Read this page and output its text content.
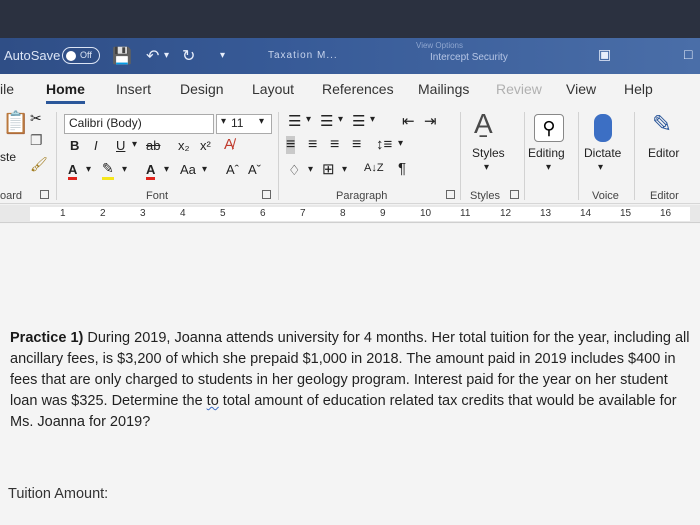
AutoSave Off 💾 ↶ ▾ ↻ ▾	Taxation M...
View Options
Intercept Security	▣	□
ile Home Insert Design Layout References Mailings Review View Help
📋 ✂
❐
🖌
ste
oard
Calibri (Body)	▾ 11 ▾
B I U ▾ ab x₂ x² A̸
A ▾ ✎ ▾ A ▾ Aa ▾ Aˆ Aˇ
Font
☰ ▾ ☰ ▾ ☰ ▾ ⇤ ⇥
≡ ≡ ≡ ≡ ↕≡ ▾
♢ ▾ ⊞ ▾ A↓Z ¶
Paragraph
A̱
Styles
▾
Styles
⚲
Editing
▾
Dictate
▾
Voice
✎
Editor
Editor
1	2	3	4	5	6	7	8	9	10	11	12	13	14	15	16

Practice 1) During 2019, Joanna attends university for 4 months. Her total tuition for the year, including all ancillary fees, is $3,200 of which she prepaid $1,000 in 2018. The amount paid in 2019 includes $400 in fees that are only charged to students in her geology program. Interest paid for the year on her student loan was $325. Determine the to total amount of education related tax credits that would be available for Ms. Joanna for 2019?

Tuition Amount:
